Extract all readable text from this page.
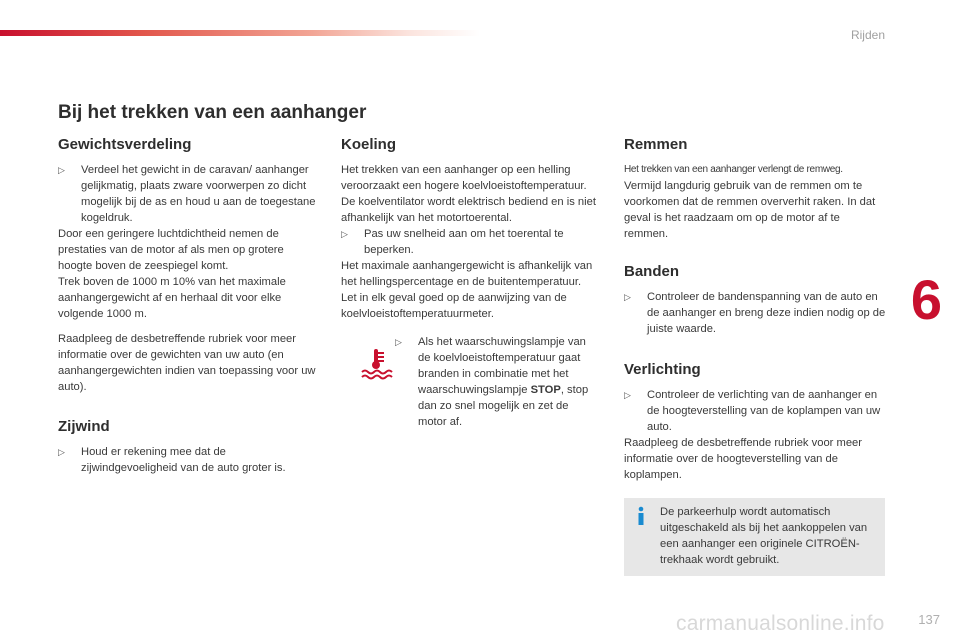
Rijden
6
Bij het trekken van een aanhanger
Gewichtsverdeling
▷ Verdeel het gewicht in de caravan/ aanhanger gelijkmatig, plaats zware voorwerpen zo dicht mogelijk bij de as en houd u aan de toegestane kogeldruk.

Door een geringere luchtdichtheid nemen de prestaties van de motor af als men op grotere hoogte boven de zeespiegel komt.

Trek boven de 1000 m 10% van het maximale aanhangergewicht af en herhaal dit voor elke volgende 1000 m.

Raadpleeg de desbetreffende rubriek voor meer informatie over de gewichten van uw auto (en aanhangergewichten indien van toepassing voor uw auto).

Zijwind
▷ Houd er rekening mee dat de zijwindgevoeligheid van de auto groter is.
Koeling

Het trekken van een aanhanger op een helling veroorzaakt een hogere koelvloeistoftemperatuur.

De koelventilator wordt elektrisch bediend en is niet afhankelijk van het motortoerental.

▷ Pas uw snelheid aan om het toerental te beperken.

Het maximale aanhangergewicht is afhankelijk van het hellingspercentage en de buitentemperatuur.

Let in elk geval goed op de aanwijzing van de koelvloeistoftemperatuurmeter.

▷ Als het waarschuwingslampje van de koelvloeistoftemperatuur gaat branden in combinatie met het waarschuwingslampje STOP, stop dan zo snel mogelijk en zet de motor af.
Remmen

Het trekken van een aanhanger verlengt de remweg.

Vermijd langdurig gebruik van de remmen om te voorkomen dat de remmen oververhit raken. In dat geval is het raadzaam om op de motor af te remmen.

Banden
▷ Controleer de bandenspanning van de auto en de aanhanger en breng deze indien nodig op de juiste waarde.
Verlichting
▷ Controleer de verlichting van de aanhanger en de hoogteverstelling van de koplampen van uw auto.

Raadpleeg de desbetreffende rubriek voor meer informatie over de hoogteverstelling van de koplampen.

De parkeerhulp wordt automatisch uitgeschakeld als bij het aankoppelen van een aanhanger een originele CITROËN-trekhaak wordt gebruikt.

carmanualsonline.info	137
